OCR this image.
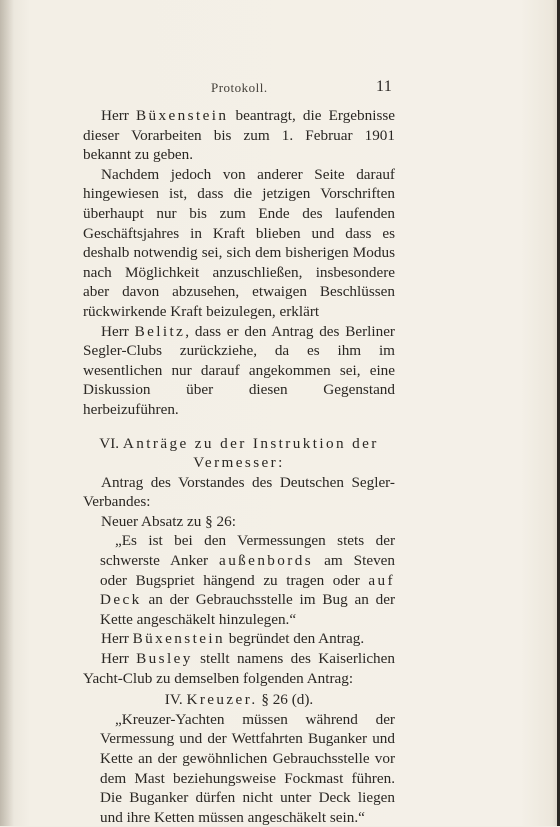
Protokoll.	11

Herr Büxenstein beantragt, die Ergebnisse dieser Vorarbeiten bis zum 1. Februar 1901 bekannt zu geben.

Nachdem jedoch von anderer Seite darauf hingewiesen ist, dass die jetzigen Vorschriften überhaupt nur bis zum Ende des laufenden Geschäftsjahres in Kraft blieben und dass es deshalb notwendig sei, sich dem bisherigen Modus nach Möglichkeit anzuschließen, insbesondere aber davon abzusehen, etwaigen Beschlüssen rückwirkende Kraft beizulegen, erklärt

Herr Belitz, dass er den Antrag des Berliner Segler-Clubs zurückziehe, da es ihm im wesentlichen nur darauf angekommen sei, eine Diskussion über diesen Gegenstand herbeizuführen.

VI. Anträge zu der Instruktion der Vermesser:

Antrag des Vorstandes des Deutschen Segler-Verbandes:

Neuer Absatz zu § 26:

„Es ist bei den Vermessungen stets der schwerste Anker außenbords am Steven oder Bugspriet hängend zu tragen oder auf Deck an der Gebrauchsstelle im Bug an der Kette angeschäkelt hinzulegen.“

Herr Büxenstein begründet den Antrag.

Herr Busley stellt namens des Kaiserlichen Yacht-Club zu demselben folgenden Antrag:

IV. Kreuzer. § 26 (d).

„Kreuzer-Yachten müssen während der Vermessung und der Wettfahrten Buganker und Kette an der gewöhnlichen Gebrauchsstelle vor dem Mast beziehungsweise Fockmast führen. Die Buganker dürfen nicht unter Deck liegen und ihre Ketten müssen angeschäkelt sein.“
